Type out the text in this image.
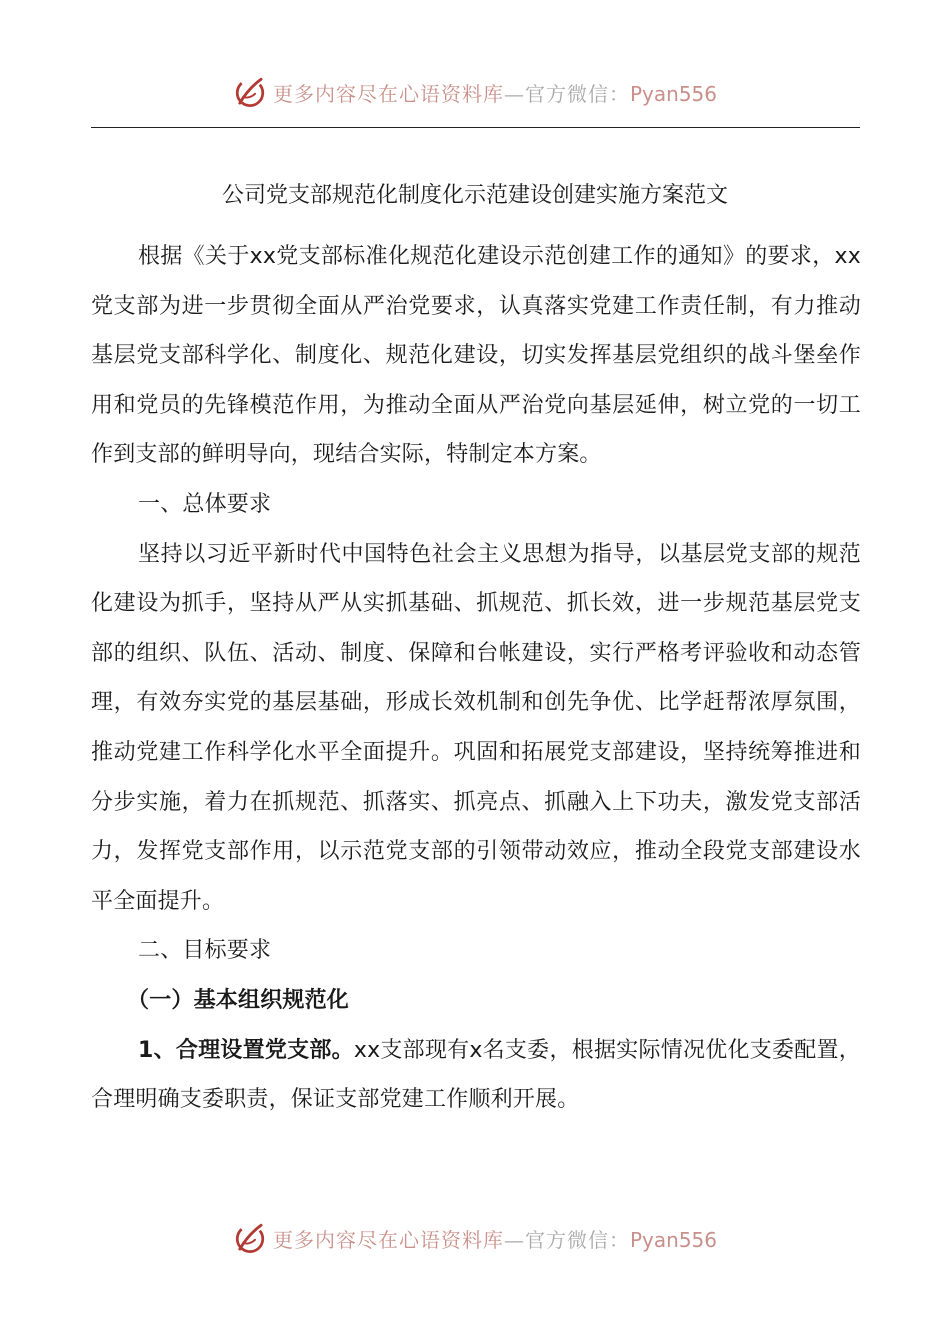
更多内容尽在心语资料库—官方微信：Pyan556
公司党支部规范化制度化示范建设创建实施方案范文

根据《关于xx党支部标准化规范化建设示范创建工作的通知》的要求，xx党支部为进一步贯彻全面从严治党要求，认真落实党建工作责任制，有力推动基层党支部科学化、制度化、规范化建设，切实发挥基层党组织的战斗堡垒作用和党员的先锋模范作用，为推动全面从严治党向基层延伸，树立党的一切工作到支部的鲜明导向，现结合实际，特制定本方案。

一、总体要求

坚持以习近平新时代中国特色社会主义思想为指导，以基层党支部的规范化建设为抓手，坚持从严从实抓基础、抓规范、抓长效，进一步规范基层党支部的组织、队伍、活动、制度、保障和台帐建设，实行严格考评验收和动态管理，有效夯实党的基层基础，形成长效机制和创先争优、比学赶帮浓厚氛围，推动党建工作科学化水平全面提升。巩固和拓展党支部建设，坚持统筹推进和分步实施，着力在抓规范、抓落实、抓亮点、抓融入上下功夫，激发党支部活力，发挥党支部作用，以示范党支部的引领带动效应，推动全段党支部建设水平全面提升。

二、目标要求

（一）基本组织规范化

1、合理设置党支部。xx支部现有x名支委，根据实际情况优化支委配置，合理明确支委职责，保证支部党建工作顺利开展。

更多内容尽在心语资料库—官方微信：Pyan556
